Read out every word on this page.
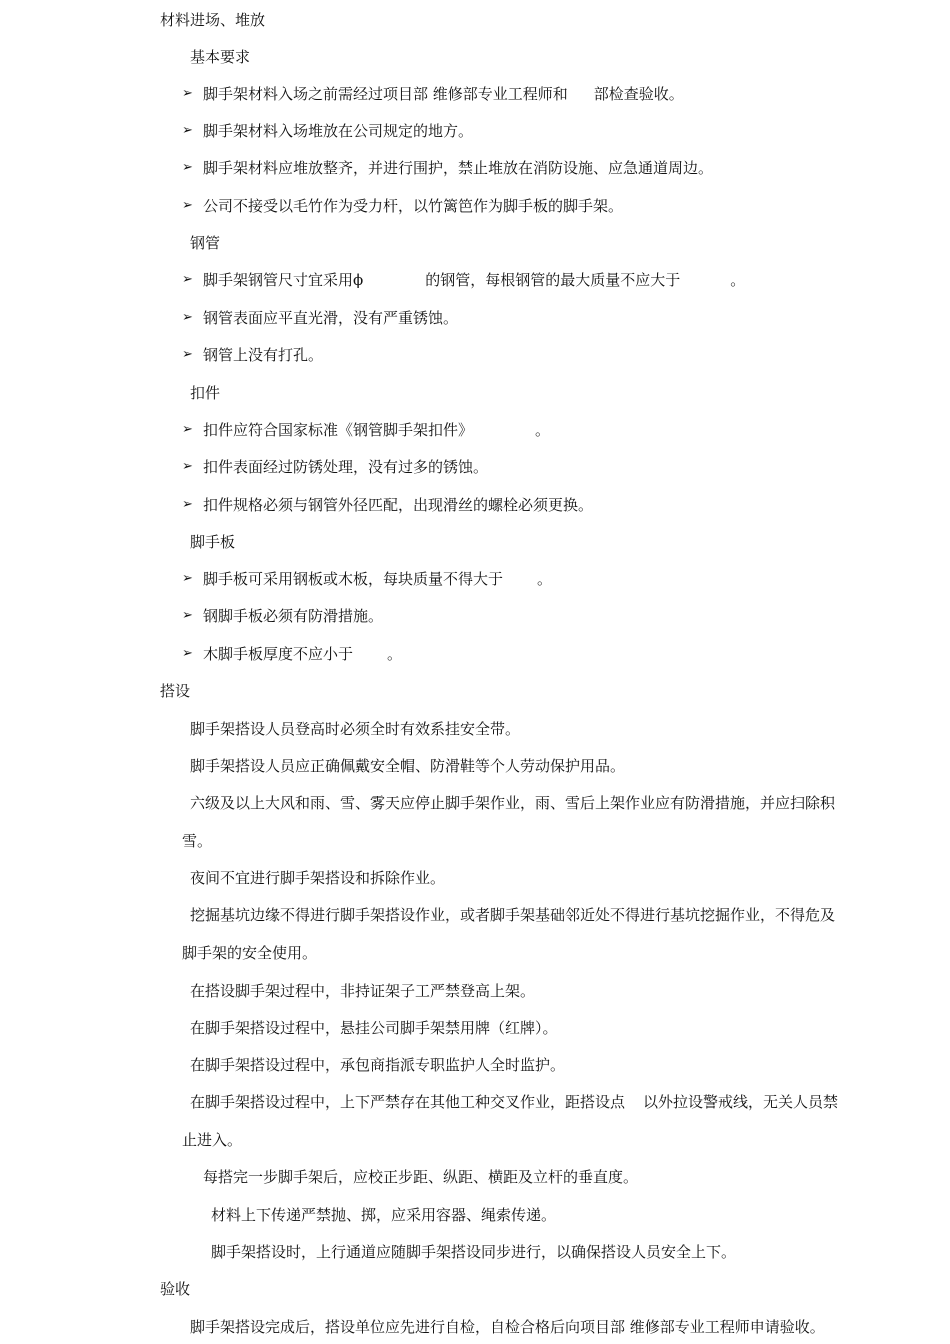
材料进场、堆放
基本要求
➢ 脚手架材料入场之前需经过项目部 维修部专业工程师和 部检查验收。
➢ 脚手架材料入场堆放在公司规定的地方。
➢ 脚手架材料应堆放整齐，并进行围护，禁止堆放在消防设施、应急通道周边。
➢ 公司不接受以毛竹作为受力杆，以竹篱笆作为脚手板的脚手架。
钢管
➢ 脚手架钢管尺寸宜采用ϕ	的钢管，每根钢管的最大质量不应大于	。
➢ 钢管表面应平直光滑，没有严重锈蚀。
➢ 钢管上没有打孔。
扣件
➢ 扣件应符合国家标准《钢管脚手架扣件》	。
➢ 扣件表面经过防锈处理，没有过多的锈蚀。
➢ 扣件规格必须与钢管外径匹配，出现滑丝的螺栓必须更换。
脚手板
➢ 脚手板可采用钢板或木板，每块质量不得大于 。
➢ 钢脚手板必须有防滑措施。
➢ 木脚手板厚度不应小于 。
搭设
脚手架搭设人员登高时必须全时有效系挂安全带。
脚手架搭设人员应正确佩戴安全帽、防滑鞋等个人劳动保护用品。
六级及以上大风和雨、雪、雾天应停止脚手架作业，雨、雪后上架作业应有防滑措施，并应扫除积
雪。
夜间不宜进行脚手架搭设和拆除作业。
挖掘基坑边缘不得进行脚手架搭设作业，或者脚手架基础邻近处不得进行基坑挖掘作业，不得危及
脚手架的安全使用。
在搭设脚手架过程中，非持证架子工严禁登高上架。
在脚手架搭设过程中，悬挂公司脚手架禁用牌（红牌）。
在脚手架搭设过程中，承包商指派专职监护人全时监护。
在脚手架搭设过程中，上下严禁存在其他工种交叉作业，距搭设点 以外拉设警戒线，无关人员禁
止进入。
每搭完一步脚手架后，应校正步距、纵距、横距及立杆的垂直度。
材料上下传递严禁抛、掷，应采用容器、绳索传递。
脚手架搭设时，上行通道应随脚手架搭设同步进行，以确保搭设人员安全上下。
验收
脚手架搭设完成后，搭设单位应先进行自检，自检合格后向项目部 维修部专业工程师申请验收。
